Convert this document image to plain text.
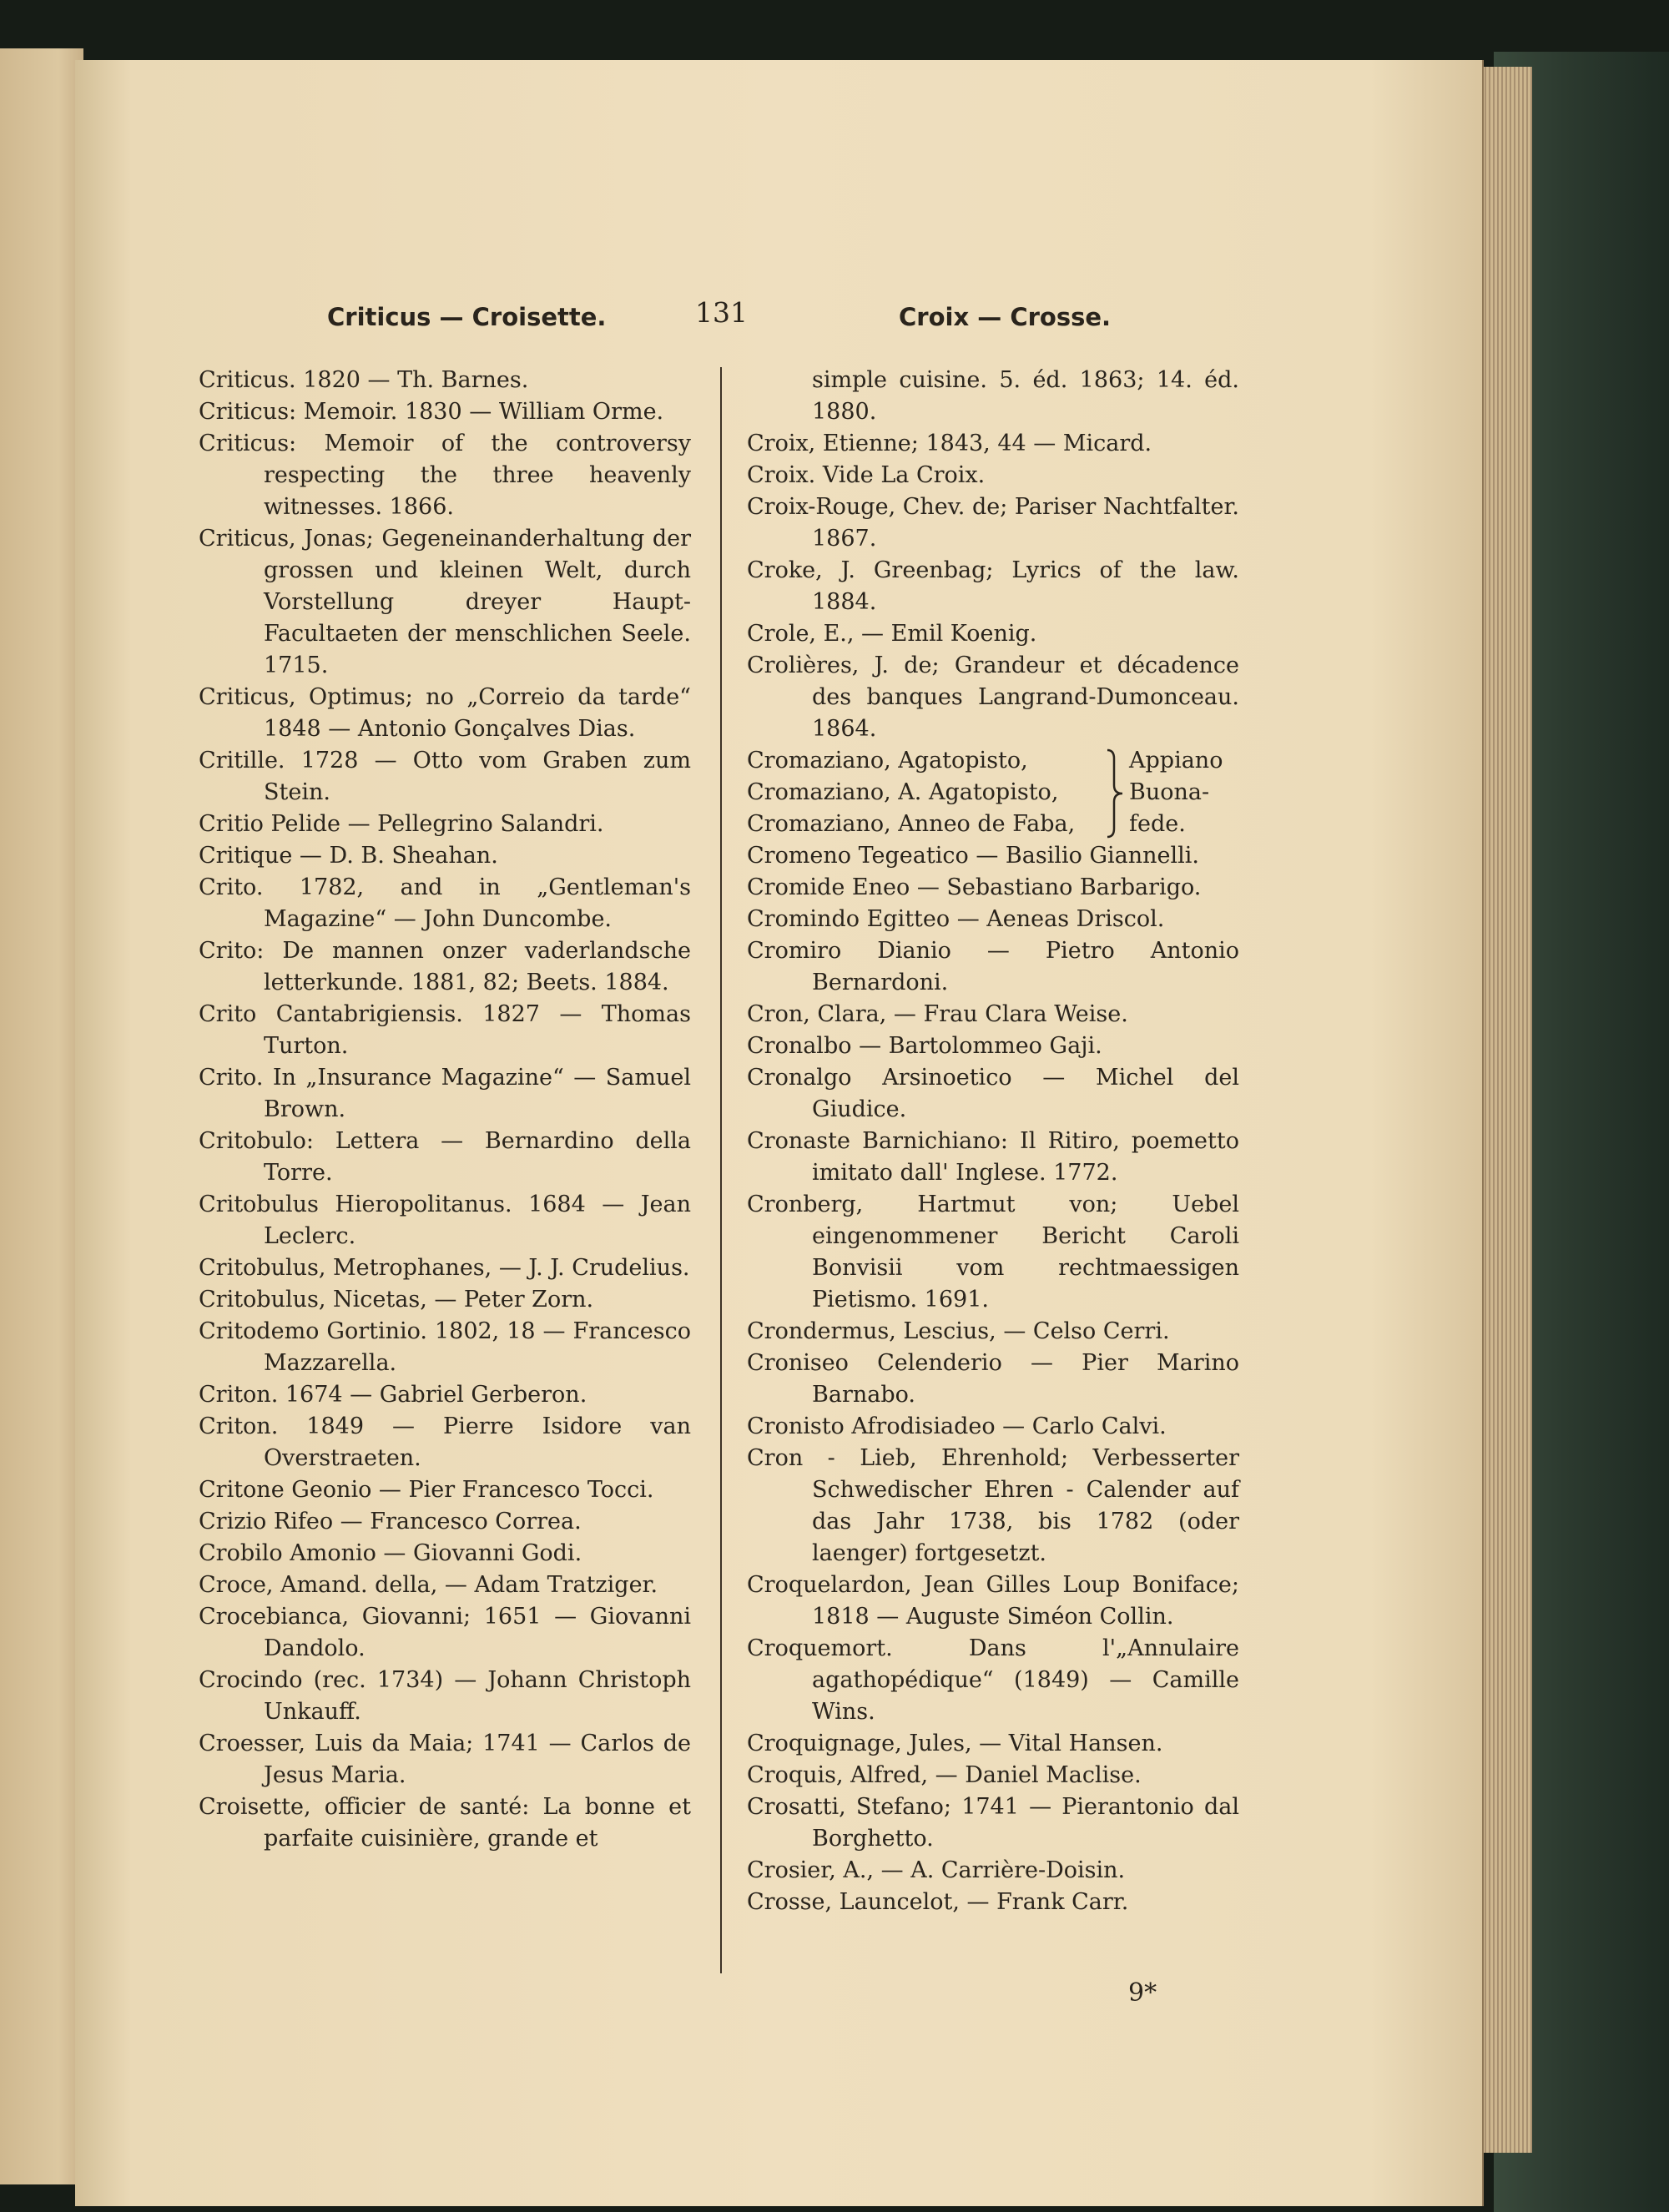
Criticus — Croisette.	131	Croix — Crosse.
Criticus. 1820 — Th. Barnes.
Criticus: Memoir. 1830 — William Orme.
Criticus: Memoir of the controversy respecting the three heavenly witnesses. 1866.
Criticus, Jonas; Gegeneinanderhaltung der grossen und kleinen Welt, durch Vorstellung dreyer Haupt-Facultaeten der menschlichen Seele. 1715.
Criticus, Optimus; no „Correio da tarde“ 1848 — Antonio Gonçalves Dias.
Critille. 1728 — Otto vom Graben zum Stein.
Critio Pelide — Pellegrino Salandri.
Critique — D. B. Sheahan.
Crito. 1782, and in „Gentleman's Magazine“ — John Duncombe.
Crito: De mannen onzer vaderlandsche letterkunde. 1881, 82; Beets. 1884.
Crito Cantabrigiensis. 1827 — Thomas Turton.
Crito. In „Insurance Magazine“ — Samuel Brown.
Critobulo: Lettera — Bernardino della Torre.
Critobulus Hieropolitanus. 1684 — Jean Leclerc.
Critobulus, Metrophanes, — J. J. Crudelius.
Critobulus, Nicetas, — Peter Zorn.
Critodemo Gortinio. 1802, 18 — Francesco Mazzarella.
Criton. 1674 — Gabriel Gerberon.
Criton. 1849 — Pierre Isidore van Overstraeten.
Critone Geonio — Pier Francesco Tocci.
Crizio Rifeo — Francesco Correa.
Crobilo Amonio — Giovanni Godi.
Croce, Amand. della, — Adam Tratziger.
Crocebianca, Giovanni; 1651 — Giovanni Dandolo.
Crocindo (rec. 1734) — Johann Christoph Unkauff.
Croesser, Luis da Maia; 1741 — Carlos de Jesus Maria.
Croisette, officier de santé: La bonne et parfaite cuisinière, grande et
simple cuisine. 5. éd. 1863; 14. éd. 1880.
Croix, Etienne; 1843, 44 — Micard.
Croix. Vide La Croix.
Croix-Rouge, Chev. de; Pariser Nachtfalter. 1867.
Croke, J. Greenbag; Lyrics of the law. 1884.
Crole, E., — Emil Koenig.
Crolières, J. de; Grandeur et décadence des banques Langrand-Dumonceau. 1864.
Cromaziano, Agatopisto,
Cromaziano, A. Agatopisto,
Cromaziano, Anneo de Faba,
Appiano
Buona-
fede.
Cromeno Tegeatico — Basilio Giannelli.
Cromide Eneo — Sebastiano Barbarigo.
Cromindo Egitteo — Aeneas Driscol.
Cromiro Dianio — Pietro Antonio Bernardoni.
Cron, Clara, — Frau Clara Weise.
Cronalbo — Bartolommeo Gaji.
Cronalgo Arsinoetico — Michel del Giudice.
Cronaste Barnichiano: Il Ritiro, poemetto imitato dall' Inglese. 1772.
Cronberg, Hartmut von; Uebel eingenommener Bericht Caroli Bonvisii vom rechtmaessigen Pietismo. 1691.
Crondermus, Lescius, — Celso Cerri.
Croniseo Celenderio — Pier Marino Barnabo.
Cronisto Afrodisiadeo — Carlo Calvi.
Cron - Lieb, Ehrenhold; Verbesserter Schwedischer Ehren - Calender auf das Jahr 1738, bis 1782 (oder laenger) fortgesetzt.
Croquelardon, Jean Gilles Loup Boniface; 1818 — Auguste Siméon Collin.
Croquemort. Dans l'„Annulaire agathopédique“ (1849) — Camille Wins.
Croquignage, Jules, — Vital Hansen.
Croquis, Alfred, — Daniel Maclise.
Crosatti, Stefano; 1741 — Pierantonio dal Borghetto.
Crosier, A., — A. Carrière-Doisin.
Crosse, Launcelot, — Frank Carr.
9*
